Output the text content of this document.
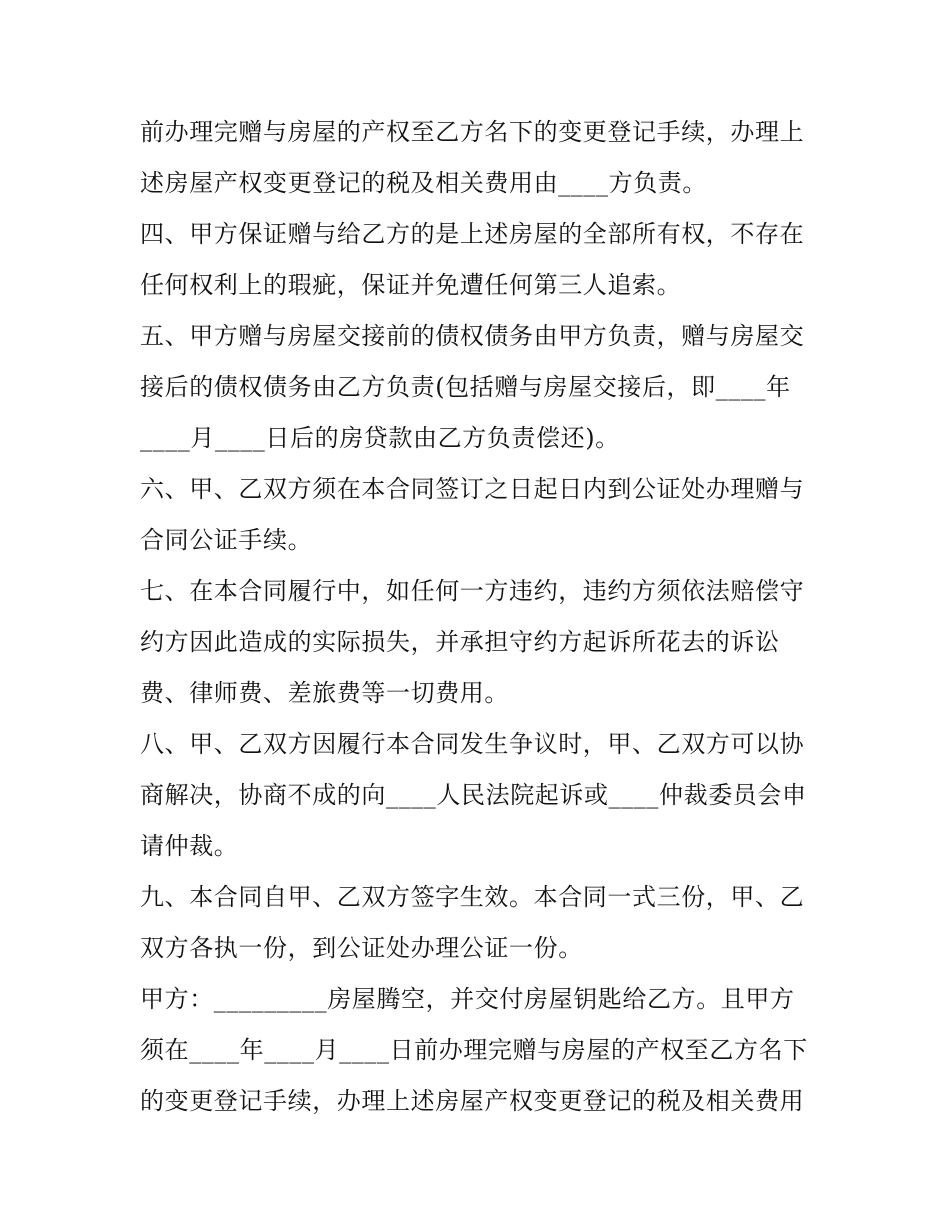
前办理完赠与房屋的产权至乙方名下的变更登记手续，办理上
述房屋产权变更登记的税及相关费用由____方负责。
四、甲方保证赠与给乙方的是上述房屋的全部所有权，不存在
任何权利上的瑕疵，保证并免遭任何第三人追索。
五、甲方赠与房屋交接前的债权债务由甲方负责，赠与房屋交
接后的债权债务由乙方负责(包括赠与房屋交接后，即____年
____月____日后的房贷款由乙方负责偿还)。
六、甲、乙双方须在本合同签订之日起日内到公证处办理赠与
合同公证手续。
七、在本合同履行中，如任何一方违约，违约方须依法赔偿守
约方因此造成的实际损失，并承担守约方起诉所花去的诉讼
费、律师费、差旅费等一切费用。
八、甲、乙双方因履行本合同发生争议时，甲、乙双方可以协
商解决，协商不成的向____人民法院起诉或____仲裁委员会申
请仲裁。
九、本合同自甲、乙双方签字生效。本合同一式三份，甲、乙
双方各执一份，到公证处办理公证一份。
甲方：_________房屋腾空，并交付房屋钥匙给乙方。且甲方
须在____年____月____日前办理完赠与房屋的产权至乙方名下
的变更登记手续，办理上述房屋产权变更登记的税及相关费用
